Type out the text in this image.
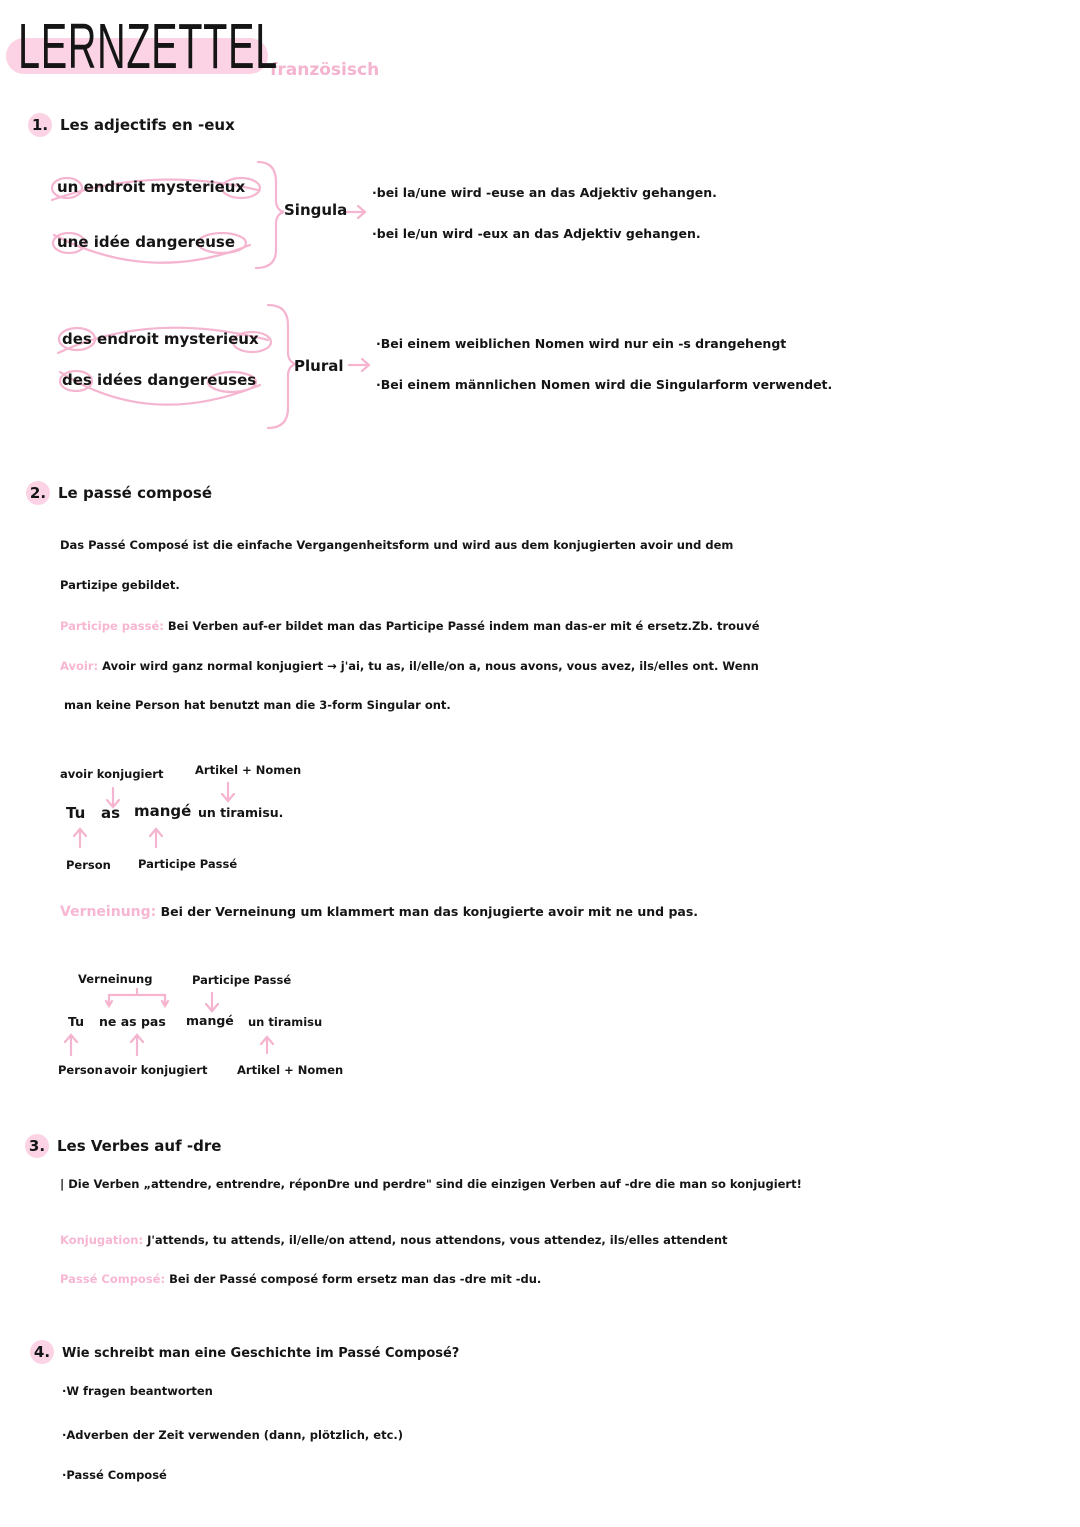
LERNZETTEL
französisch
1. Les adjectifs en -eux
un endroit mysterieux
une idée dangereuse
Singula
·bei la/une wird -euse an das Adjektiv gehangen.
·bei le/un wird -eux an das Adjektiv gehangen.
des endroit mysterieux
des idées dangereuses
Plural
·Bei einem weiblichen Nomen wird nur ein -s drangehengt
·Bei einem männlichen Nomen wird die Singularform verwendet.
2. Le passé composé
Das Passé Composé ist die einfache Vergangenheitsform und wird aus dem konjugierten avoir und dem
Partizipe gebildet.
Participe passé: Bei Verben auf-er bildet man das Participe Passé indem man das-er mit é ersetz.Zb. trouvé
Avoir: Avoir wird ganz normal konjugiert → j'ai, tu as, il/elle/on a, nous avons, vous avez, ils/elles ont. Wenn
man keine Person hat benutzt man die 3-form Singular ont.
avoir konjugiert	Artikel + Nomen
Tu as mangé un tiramisu.
Person Participe Passé
Verneinung: Bei der Verneinung um klammert man das konjugierte avoir mit ne und pas.
Verneinung	Participe Passé
Tu ne as pas mangé un tiramisu
Person avoir konjugiert	Artikel + Nomen
3. Les Verbes auf -dre
| Die Verben „attendre, entrendre, réponDre und perdre" sind die einzigen Verben auf -dre die man so konjugiert!
Konjugation: J'attends, tu attends, il/elle/on attend, nous attendons, vous attendez, ils/elles attendent
Passé Composé: Bei der Passé composé form ersetz man das -dre mit -du.
4. Wie schreibt man eine Geschichte im Passé Composé?
·W fragen beantworten
·Adverben der Zeit verwenden (dann, plötzlich, etc.)
·Passé Composé
